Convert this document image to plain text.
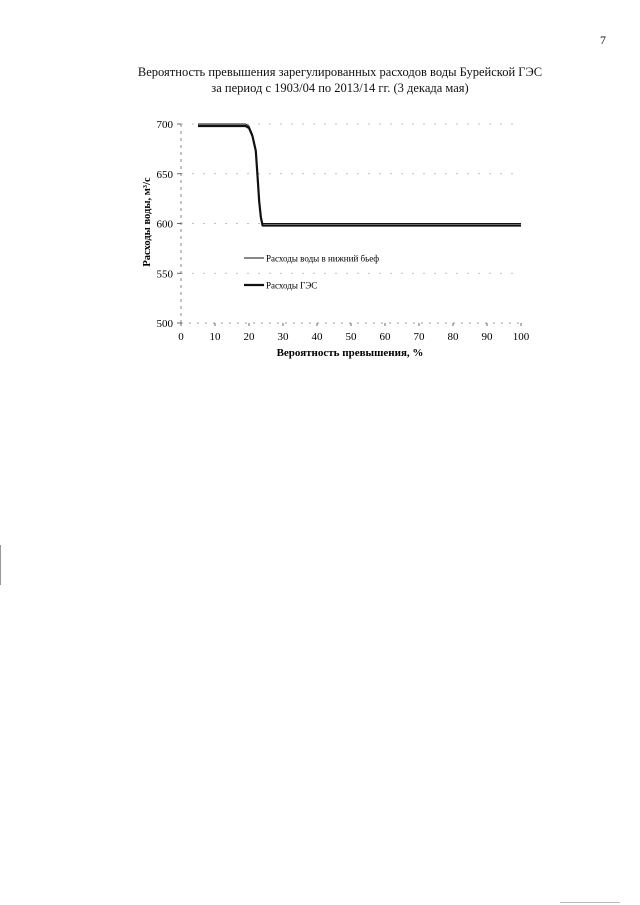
7
Вероятность превышения зарегулированных расходов воды Бурейской ГЭС
за период с 1903/04 по 2013/14 гг. (3 декада мая)
500
550
600
650
700
0 10 20 30 40 50 60 70 80 90 100
Расходы воды в нижний бьеф
Расходы ГЭС
Вероятность превышения, %
Расходы воды, м³/с
